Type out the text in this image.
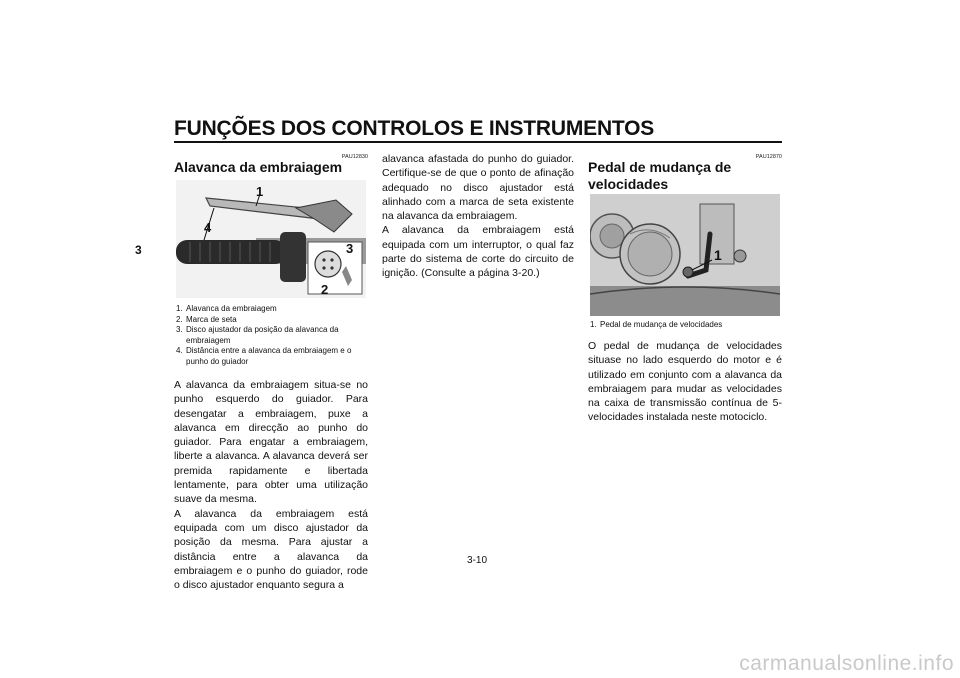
FUNÇÕES DOS CONTROLOS E INSTRUMENTOS
3
PAU12830
Alavanca da embraiagem
1
4
3
2
1. Alavanca da embraiagem
2. Marca de seta
3. Disco ajustador da posição da alavanca da embraiagem
4. Distância entre a alavanca da embraiagem e o punho do guiador

A alavanca da embraiagem situa-se no punho esquerdo do guiador. Para desengatar a embraiagem, puxe a alavanca em direcção ao punho do guiador. Para engatar a embraiagem, liberte a alavanca. A alavanca deverá ser premida rapidamente e libertada lentamente, para obter uma utilização suave da mesma.

A alavanca da embraiagem está equipada com um disco ajustador da posição da mesma. Para ajustar a distância entre a alavanca da embraiagem e o punho do guiador, rode o disco ajustador enquanto segura a

alavanca afastada do punho do guiador. Certifique-se de que o ponto de afinação adequado no disco ajustador está alinhado com a marca de seta existente na alavanca da embraiagem.

A alavanca da embraiagem está equipada com um interruptor, o qual faz parte do sistema de corte do circuito de ignição. (Consulte a página 3-20.)

PAU12870
Pedal de mudança de velocidades
1
1. Pedal de mudança de velocidades

O pedal de mudança de velocidades situase no lado esquerdo do motor e é utilizado em conjunto com a alavanca da embraiagem para mudar as velocidades na caixa de transmissão contínua de 5-velocidades instalada neste motociclo.

3-10
carmanualsonline.info
